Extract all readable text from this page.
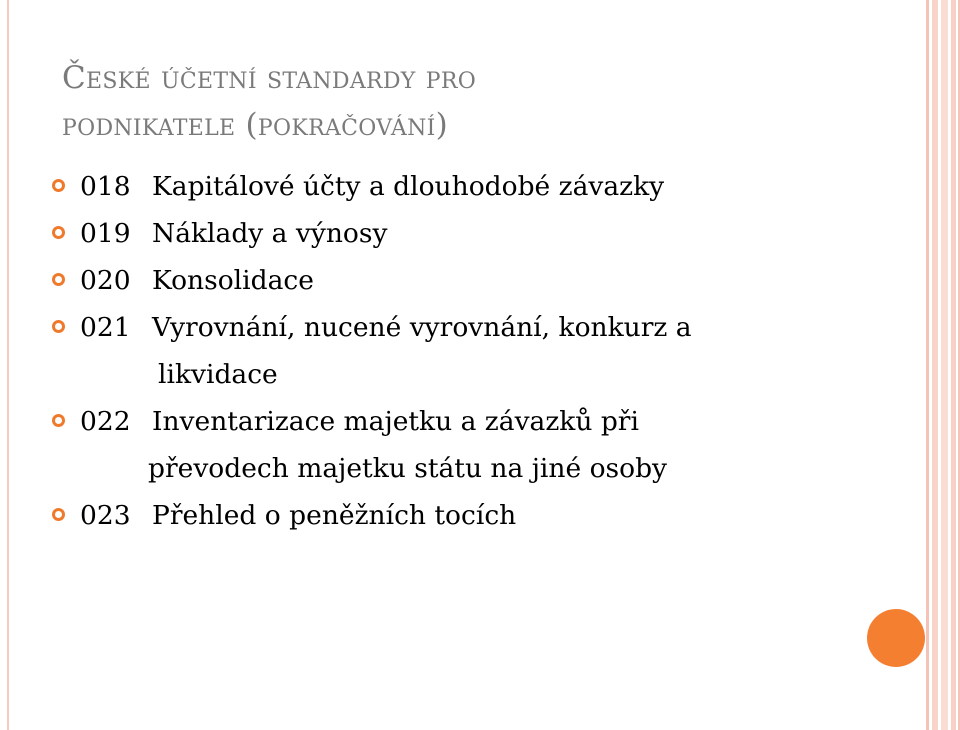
České účetní standardy pro
podnikatele (pokračování)
018 Kapitálové účty a dlouhodobé závazky
019 Náklady a výnosy
020 Konsolidace
021 Vyrovnání, nucené vyrovnání, konkurz a
likvidace
022 Inventarizace majetku a závazků při
převodech majetku státu na jiné osoby
023 Přehled o peněžních tocích
